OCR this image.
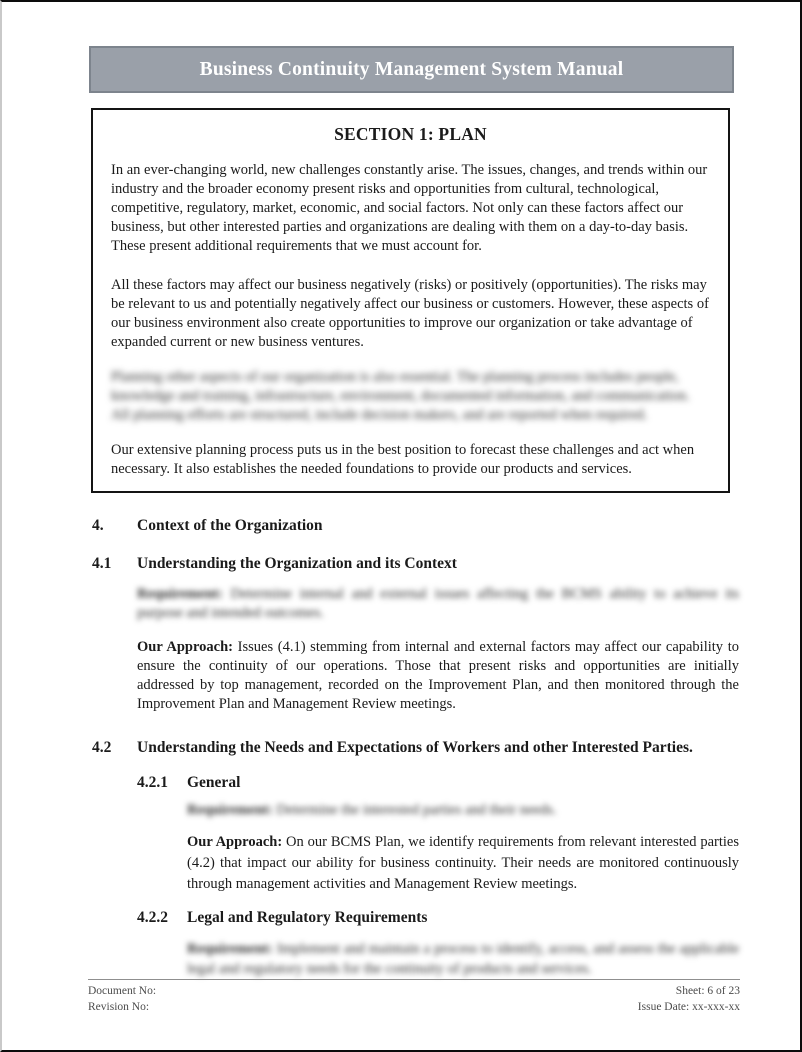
Business Continuity Management System Manual
SECTION 1: PLAN

In an ever-changing world, new challenges constantly arise. The issues, changes, and trends within our industry and the broader economy present risks and opportunities from cultural, technological, competitive, regulatory, market, economic, and social factors. Not only can these factors affect our business, but other interested parties and organizations are dealing with them on a day-to-day basis. These present additional requirements that we must account for.

All these factors may affect our business negatively (risks) or positively (opportunities). The risks may be relevant to us and potentially negatively affect our business or customers. However, these aspects of our business environment also create opportunities to improve our organization or take advantage of expanded current or new business ventures.

Planning other aspects of our organization is also essential. The planning process includes people, knowledge and training, infrastructure, environment, documented information, and communication. All planning efforts are structured, include decision makers, and are reported when required.

Our extensive planning process puts us in the best position to forecast these challenges and act when necessary. It also establishes the needed foundations to provide our products and services.

4. Context of the Organization
4.1 Understanding the Organization and its Context

Requirement: Determine internal and external issues affecting the BCMS ability to achieve its purpose and intended outcomes.

Our Approach: Issues (4.1) stemming from internal and external factors may affect our capability to ensure the continuity of our operations. Those that present risks and opportunities are initially addressed by top management, recorded on the Improvement Plan, and then monitored through the Improvement Plan and Management Review meetings.

4.2 Understanding the Needs and Expectations of Workers and other Interested Parties.
4.2.1 General

Requirement: Determine the interested parties and their needs.

Our Approach: On our BCMS Plan, we identify requirements from relevant interested parties (4.2) that impact our ability for business continuity. Their needs are monitored continuously through management activities and Management Review meetings.

4.2.2 Legal and Regulatory Requirements

Requirement: Implement and maintain a process to identify, access, and assess the applicable legal and regulatory needs for the continuity of products and services.

Document No:
Revision No:
Sheet: 6 of 23
Issue Date: xx-xxx-xx
